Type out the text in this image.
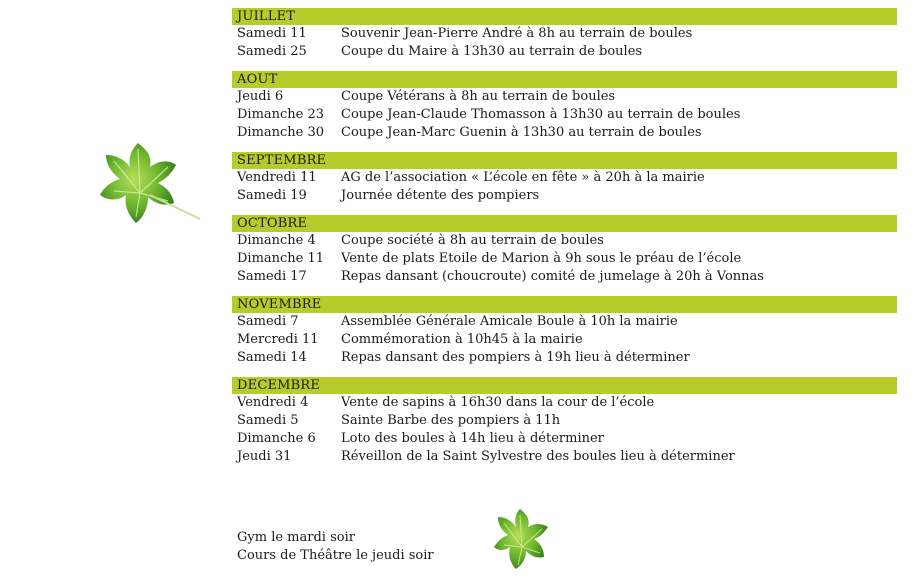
JUILLET
Samedi 11	Souvenir Jean-Pierre André à 8h au terrain de boules
Samedi 25	Coupe du Maire à 13h30 au terrain de boules
AOUT
Jeudi 6	Coupe Vétérans à 8h au terrain de boules
Dimanche 23	Coupe Jean-Claude Thomasson à 13h30 au terrain de boules
Dimanche 30	Coupe Jean-Marc Guenin à 13h30 au terrain de boules
SEPTEMBRE
Vendredi 11	AG de l’association « L’école en fête » à 20h à la mairie
Samedi 19	Journée détente des pompiers
OCTOBRE
Dimanche 4	Coupe société à 8h au terrain de boules
Dimanche 11	Vente de plats Etoile de Marion à 9h sous le préau de l’école
Samedi 17	Repas dansant (choucroute) comité de jumelage à 20h à Vonnas
NOVEMBRE
Samedi 7	Assemblée Générale Amicale Boule à 10h la mairie
Mercredi 11	Commémoration à 10h45 à la mairie
Samedi 14	Repas dansant des pompiers à 19h lieu à déterminer
DECEMBRE
Vendredi 4	Vente de sapins à 16h30 dans la cour de l’école
Samedi 5	Sainte Barbe des pompiers à 11h
Dimanche 6	Loto des boules à 14h lieu à déterminer
Jeudi 31	Réveillon de la Saint Sylvestre des boules lieu à déterminer
Gym le mardi soir
Cours de Théâtre le jeudi soir
